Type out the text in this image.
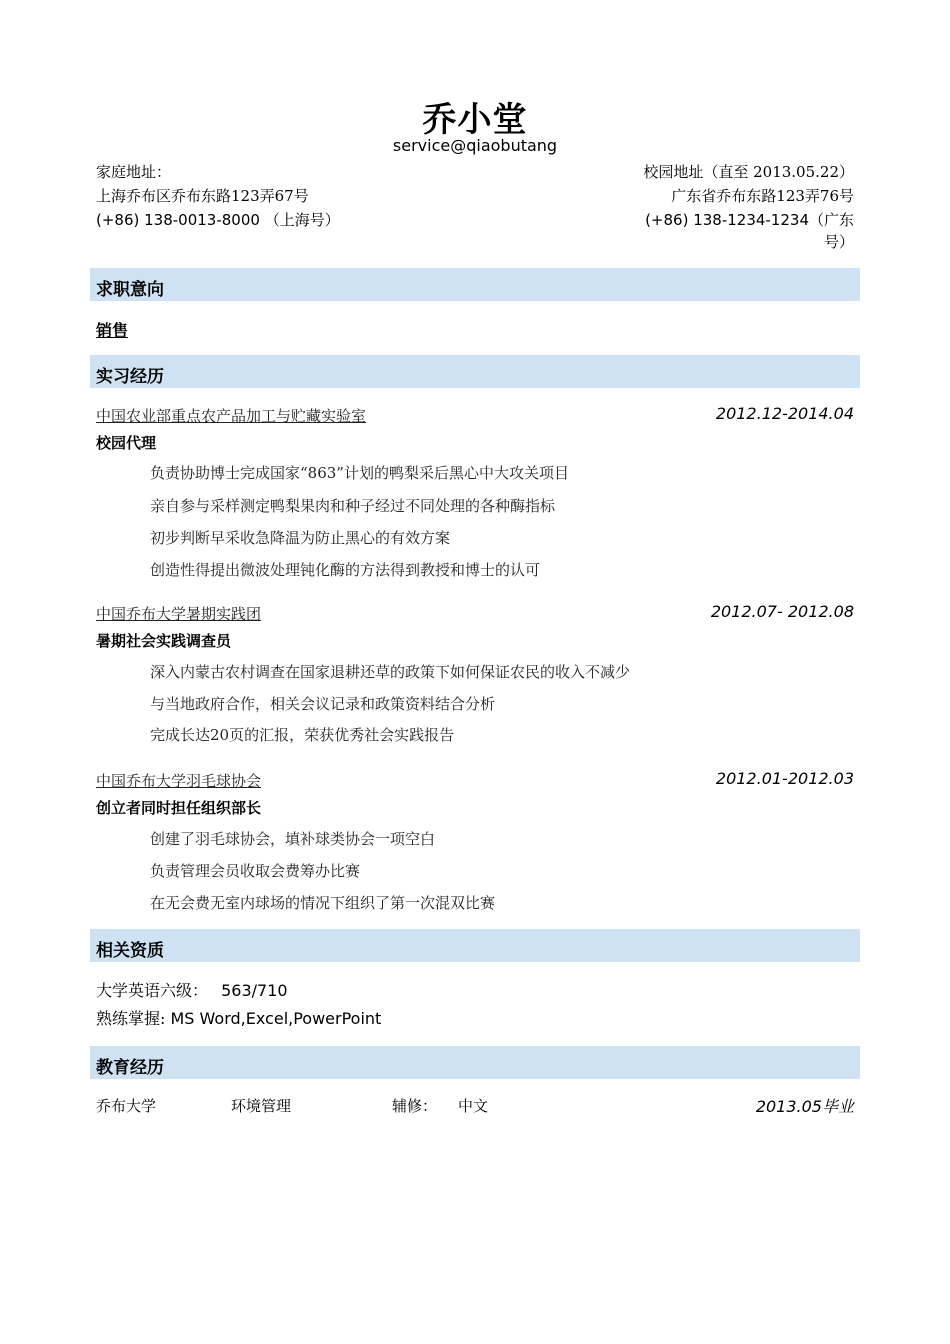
乔小堂
service@qiaobutang
家庭地址：
上海乔布区乔布东路123弄67号
(+86) 138-0013-8000 （上海号）
校园地址（直至 2013.05.22）
广东省乔布东路123弄76号
(+86) 138-1234-1234（广东
号）
求职意向
销售
实习经历
中国农业部重点农产品加工与贮藏实验室	2012.12-2014.04
校园代理
负责协助博士完成国家“863”计划的鸭梨采后黑心中大攻关项目
亲自参与采样测定鸭梨果肉和种子经过不同处理的各种酶指标
初步判断早采收急降温为防止黑心的有效方案
创造性得提出微波处理钝化酶的方法得到教授和博士的认可
中国乔布大学暑期实践团	2012.07- 2012.08
暑期社会实践调查员
深入内蒙古农村调查在国家退耕还草的政策下如何保证农民的收入不减少
与当地政府合作，相关会议记录和政策资料结合分析
完成长达20页的汇报，荣获优秀社会实践报告
中国乔布大学羽毛球协会	2012.01-2012.03
创立者同时担任组织部长
创建了羽毛球协会，填补球类协会一项空白
负责管理会员收取会费筹办比赛
在无会费无室内球场的情况下组织了第一次混双比赛
相关资质
大学英语六级： 563/710
熟练掌握: MS Word,Excel,PowerPoint
教育经历
乔布大学	环境管理	辅修： 中文	2013.05毕业
